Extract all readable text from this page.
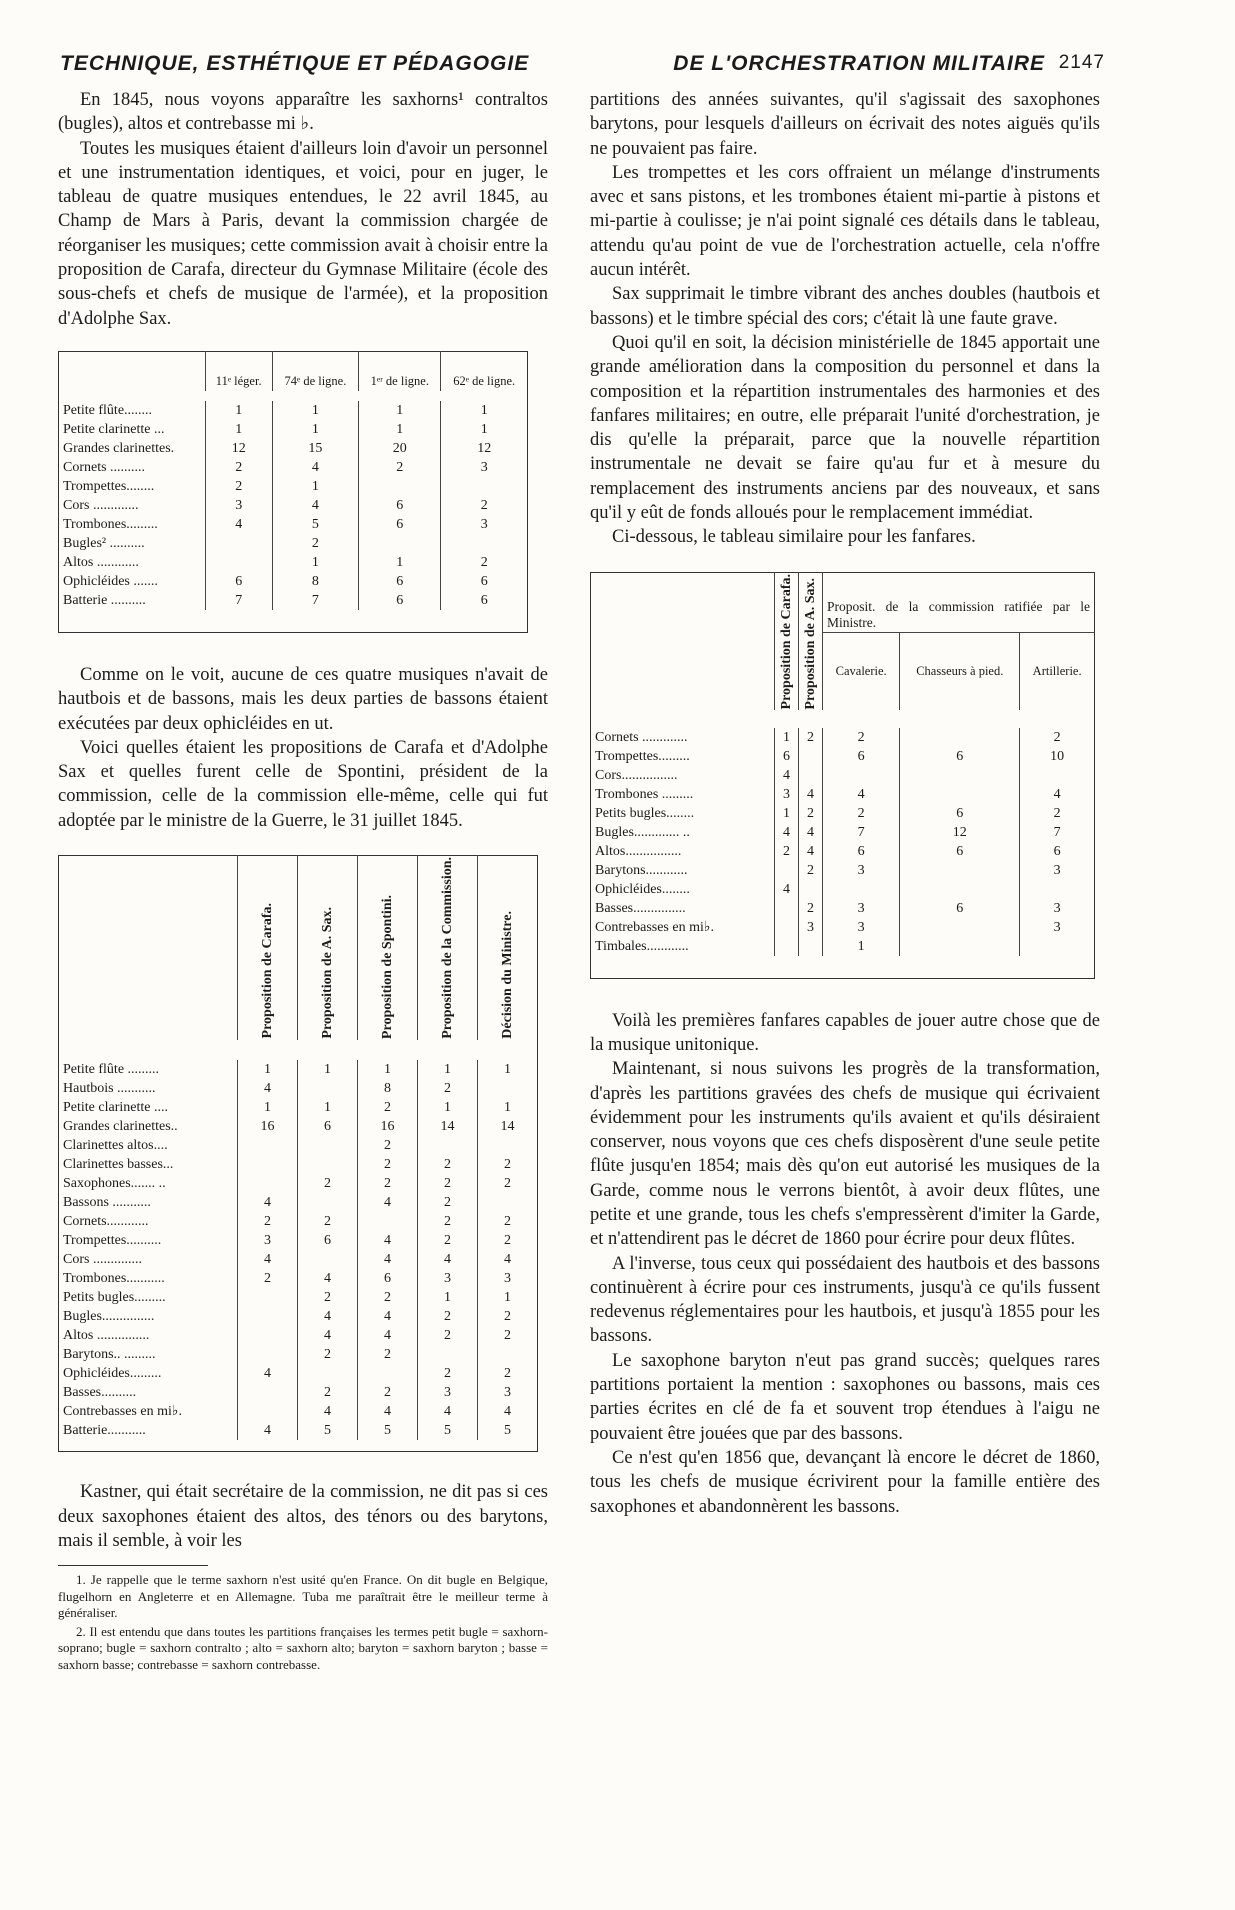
TECHNIQUE, ESTHÉTIQUE ET PÉDAGOGIE	DE L'ORCHESTRATION MILITAIRE 2147

En 1845, nous voyons apparaître les saxhorns¹ contraltos (bugles), altos et contrebasse mi ♭.

Toutes les musiques étaient d'ailleurs loin d'avoir un personnel et une instrumentation identiques, et voici, pour en juger, le tableau de quatre musiques entendues, le 22 avril 1845, au Champ de Mars à Paris, devant la commission chargée de réorganiser les musiques; cette commission avait à choisir entre la proposition de Carafa, directeur du Gymnase Militaire (école des sous-chefs et chefs de musique de l'armée), et la proposition d'Adolphe Sax.

	11ᵉ léger.	74ᵉ de ligne.	1ᵉʳ de ligne.	62ᵉ de ligne.

Petite flûte........	1	1	1	1
Petite clarinette ...	1	1	1	1
Grandes clarinettes.	12	15	20	12
Cornets ..........	2	4	2	3
Trompettes........	2	1		
Cors .............	3	4	6	2
Trombones.........	4	5	6	3
Bugles² ..........		2		
Altos ............		1	1	2
Ophicléides .......	6	8	6	6
Batterie ..........	7	7	6	6

Comme on le voit, aucune de ces quatre musiques n'avait de hautbois et de bassons, mais les deux parties de bassons étaient exécutées par deux ophicléides en ut.

Voici quelles étaient les propositions de Carafa et d'Adolphe Sax et quelles furent celle de Spontini, président de la commission, celle de la commission elle-même, celle qui fut adoptée par le ministre de la Guerre, le 31 juillet 1845.

	Proposition de Carafa.	Proposition de A. Sax.	Proposition de Spontini.	Proposition de la Commission.	Décision du Ministre.

Petite flûte .........	1	1	1	1	1
Hautbois ...........	4		8	2	
Petite clarinette ....	1	1	2	1	1
Grandes clarinettes..	16	6	16	14	14
Clarinettes altos....			2		
Clarinettes basses...			2	2	2
Saxophones....... ..		2	2	2	2
Bassons ...........	4		4	2	
Cornets............	2	2		2	2
Trompettes..........	3	6	4	2	2
Cors ..............	4		4	4	4
Trombones...........	2	4	6	3	3
Petits bugles.........		2	2	1	1
Bugles...............		4	4	2	2
Altos ...............		4	4	2	2
Barytons.. .........		2	2		
Ophicléides.........	4			2	2
Basses..........		2	2	3	3
Contrebasses en mi♭.		4	4	4	4
Batterie...........	4	5	5	5	5

Kastner, qui était secrétaire de la commission, ne dit pas si ces deux saxophones étaient des altos, des ténors ou des barytons, mais il semble, à voir les

1. Je rappelle que le terme saxhorn n'est usité qu'en France. On dit bugle en Belgique, flugelhorn en Angleterre et en Allemagne. Tuba me paraîtrait être le meilleur terme à généraliser.

2. Il est entendu que dans toutes les partitions françaises les termes petit bugle = saxhorn-soprano; bugle = saxhorn contralto ; alto = saxhorn alto; baryton = saxhorn baryton ; basse = saxhorn basse; contrebasse = saxhorn contrebasse.

partitions des années suivantes, qu'il s'agissait des saxophones barytons, pour lesquels d'ailleurs on écrivait des notes aiguës qu'ils ne pouvaient pas faire.

Les trompettes et les cors offraient un mélange d'instruments avec et sans pistons, et les trombones étaient mi-partie à pistons et mi-partie à coulisse; je n'ai point signalé ces détails dans le tableau, attendu qu'au point de vue de l'orchestration actuelle, cela n'offre aucun intérêt.

Sax supprimait le timbre vibrant des anches doubles (hautbois et bassons) et le timbre spécial des cors; c'était là une faute grave.

Quoi qu'il en soit, la décision ministérielle de 1845 apportait une grande amélioration dans la composition du personnel et dans la composition et la répartition instrumentales des harmonies et des fanfares militaires; en outre, elle préparait l'unité d'orchestration, je dis qu'elle la préparait, parce que la nouvelle répartition instrumentale ne devait se faire qu'au fur et à mesure du remplacement des instruments anciens par des nouveaux, et sans qu'il y eût de fonds alloués pour le remplacement immédiat.

Ci-dessous, le tableau similaire pour les fanfares.

	Proposition de Carafa.	Proposition de A. Sax.	Proposit. de la commission ratifiée par le Ministre.		
			Cavalerie.	Chasseurs à pied.	Artillerie.

Cornets .............	1	2	2		2
Trompettes.........	6		6	6	10
Cors................	4				
Trombones .........	3	4	4		4
Petits bugles........	1	2	2	6	2
Bugles............. ..	4	4	7	12	7
Altos................	2	4	6	6	6
Barytons............		2	3		3
Ophicléides........	4				
Basses...............		2	3	6	3
Contrebasses en mi♭.		3	3		3
Timbales............			1		

Voilà les premières fanfares capables de jouer autre chose que de la musique unitonique.

Maintenant, si nous suivons les progrès de la transformation, d'après les partitions gravées des chefs de musique qui écrivaient évidemment pour les instruments qu'ils avaient et qu'ils désiraient conserver, nous voyons que ces chefs disposèrent d'une seule petite flûte jusqu'en 1854; mais dès qu'on eut autorisé les musiques de la Garde, comme nous le verrons bientôt, à avoir deux flûtes, une petite et une grande, tous les chefs s'empressèrent d'imiter la Garde, et n'attendirent pas le décret de 1860 pour écrire pour deux flûtes.

A l'inverse, tous ceux qui possédaient des hautbois et des bassons continuèrent à écrire pour ces instruments, jusqu'à ce qu'ils fussent redevenus réglementaires pour les hautbois, et jusqu'à 1855 pour les bassons.

Le saxophone baryton n'eut pas grand succès; quelques rares partitions portaient la mention : saxophones ou bassons, mais ces parties écrites en clé de fa et souvent trop étendues à l'aigu ne pouvaient être jouées que par des bassons.

Ce n'est qu'en 1856 que, devançant là encore le décret de 1860, tous les chefs de musique écrivirent pour la famille entière des saxophones et abandonnèrent les bassons.
